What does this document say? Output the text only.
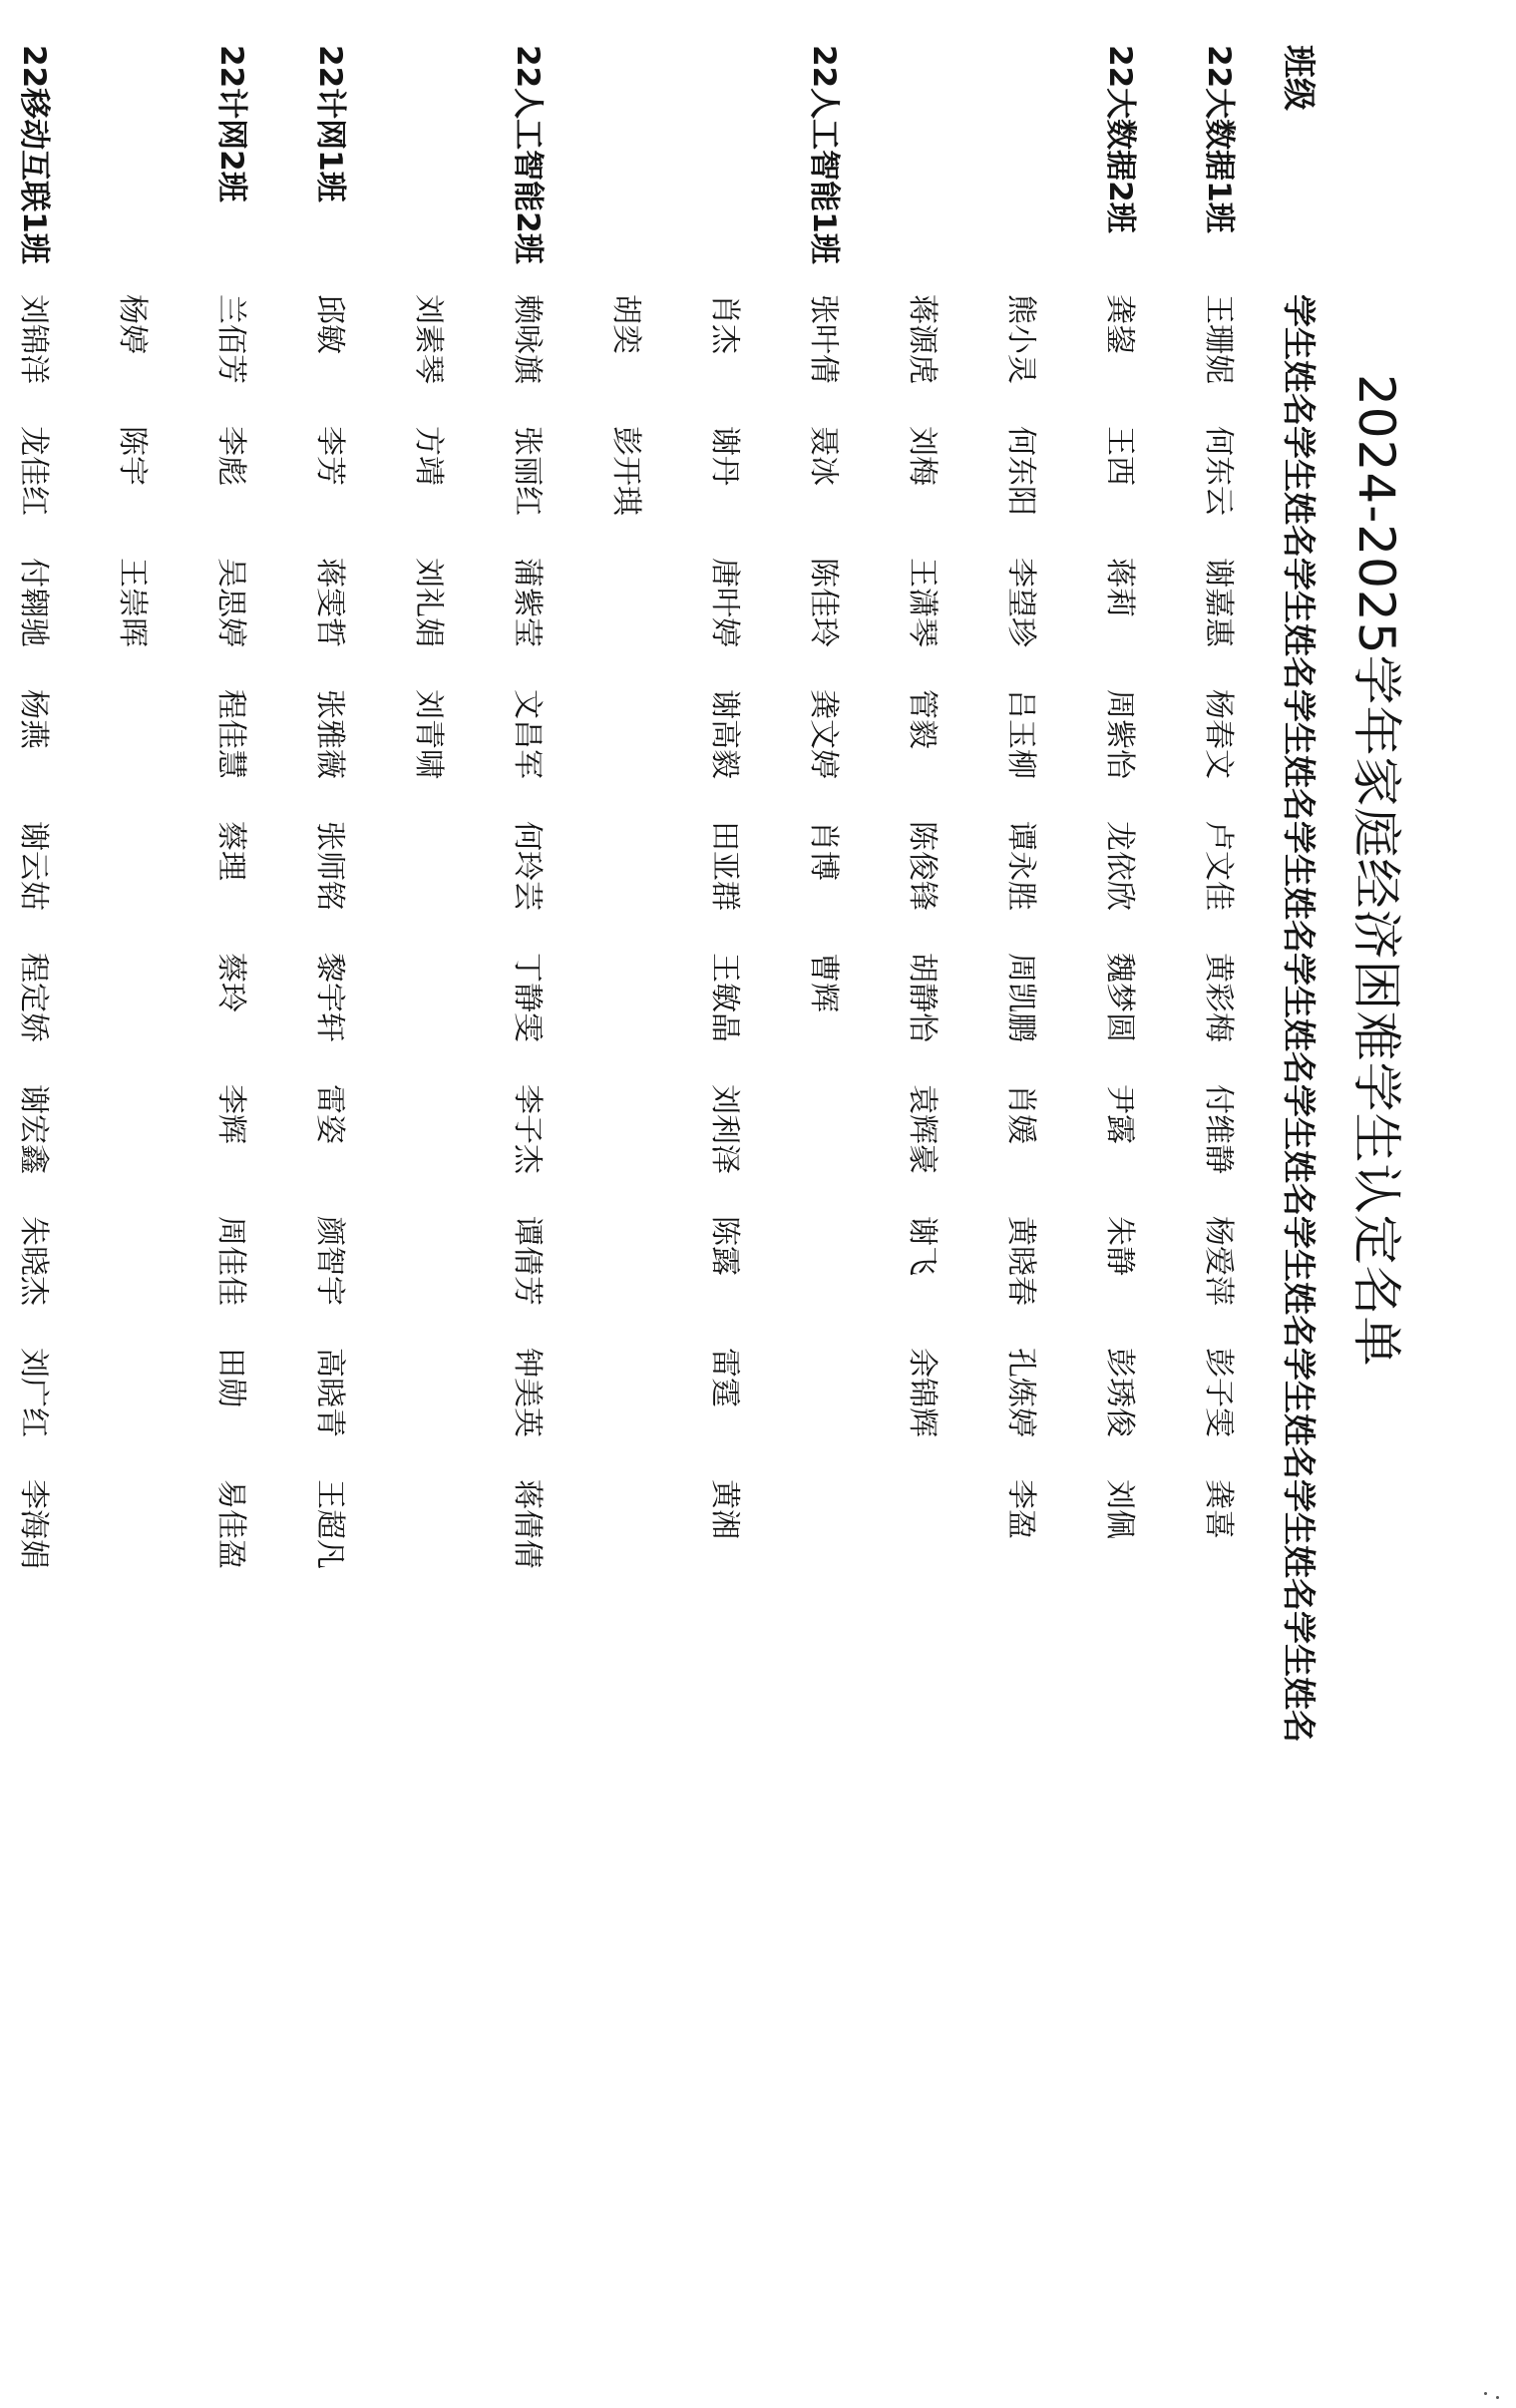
2024-2025学年家庭经济困难学生认定名单
班级	学生姓名	学生姓名	学生姓名	学生姓名	学生姓名	学生姓名	学生姓名	学生姓名	学生姓名	学生姓名	学生姓名
22大数据1班	王珊妮	何东云	谢嘉惠	杨春文	卢文佳	黄彩梅	付维静	杨爱萍	彭子雯	龚喜	
22大数据2班	龚鋆	王西	蒋莉	周紫怡	龙依欣	魏梦圆	尹露	朱静	彭琇俊	刘佩	
	熊小灵	何东阳	李望珍	吕玉柳	谭永胜	周凯鹏	肖媛	黄晓春	孔炼婷	李盈	
	蒋源虎	刘梅	王潇琴	管毅	陈俊锋	胡静怡	袁辉豪	谢飞	余锦辉		
22人工智能1班	张叶倩	聂冰	陈佳玲	龚文婷	肖博	曹辉					
	肖杰	谢丹	唐叶婷	谢高毅	田亚群	王敏晶	刘利泽	陈露	雷霆	黄湘	
	胡奕	彭开琪									
22人工智能2班	赖咏旗	张丽红	蒲紫莹	文昌军	何玲芸	丁静雯	李子杰	谭倩芳	钟美英	蒋倩倩	
	刘素琴	方靖	刘礼娟	刘青啸							
22计网1班	邱敏	李芳	蒋雯哲	张雅薇	张师铭	黎宇轩	雷姿	颜智宇	高晓青	王超凡	
22计网2班	兰佰芳	李彪	吴思婷	程佳慧	蔡理	蔡玲	李辉	周佳佳	田勋	易佳盈	
	杨婷	陈宇	王崇晖								
22移动互联1班	刘锦洋	龙佳红	付翱驰	杨燕	谢云姑	程定娇	谢宏鑫	朱晓杰	刘广红	李海娟	
